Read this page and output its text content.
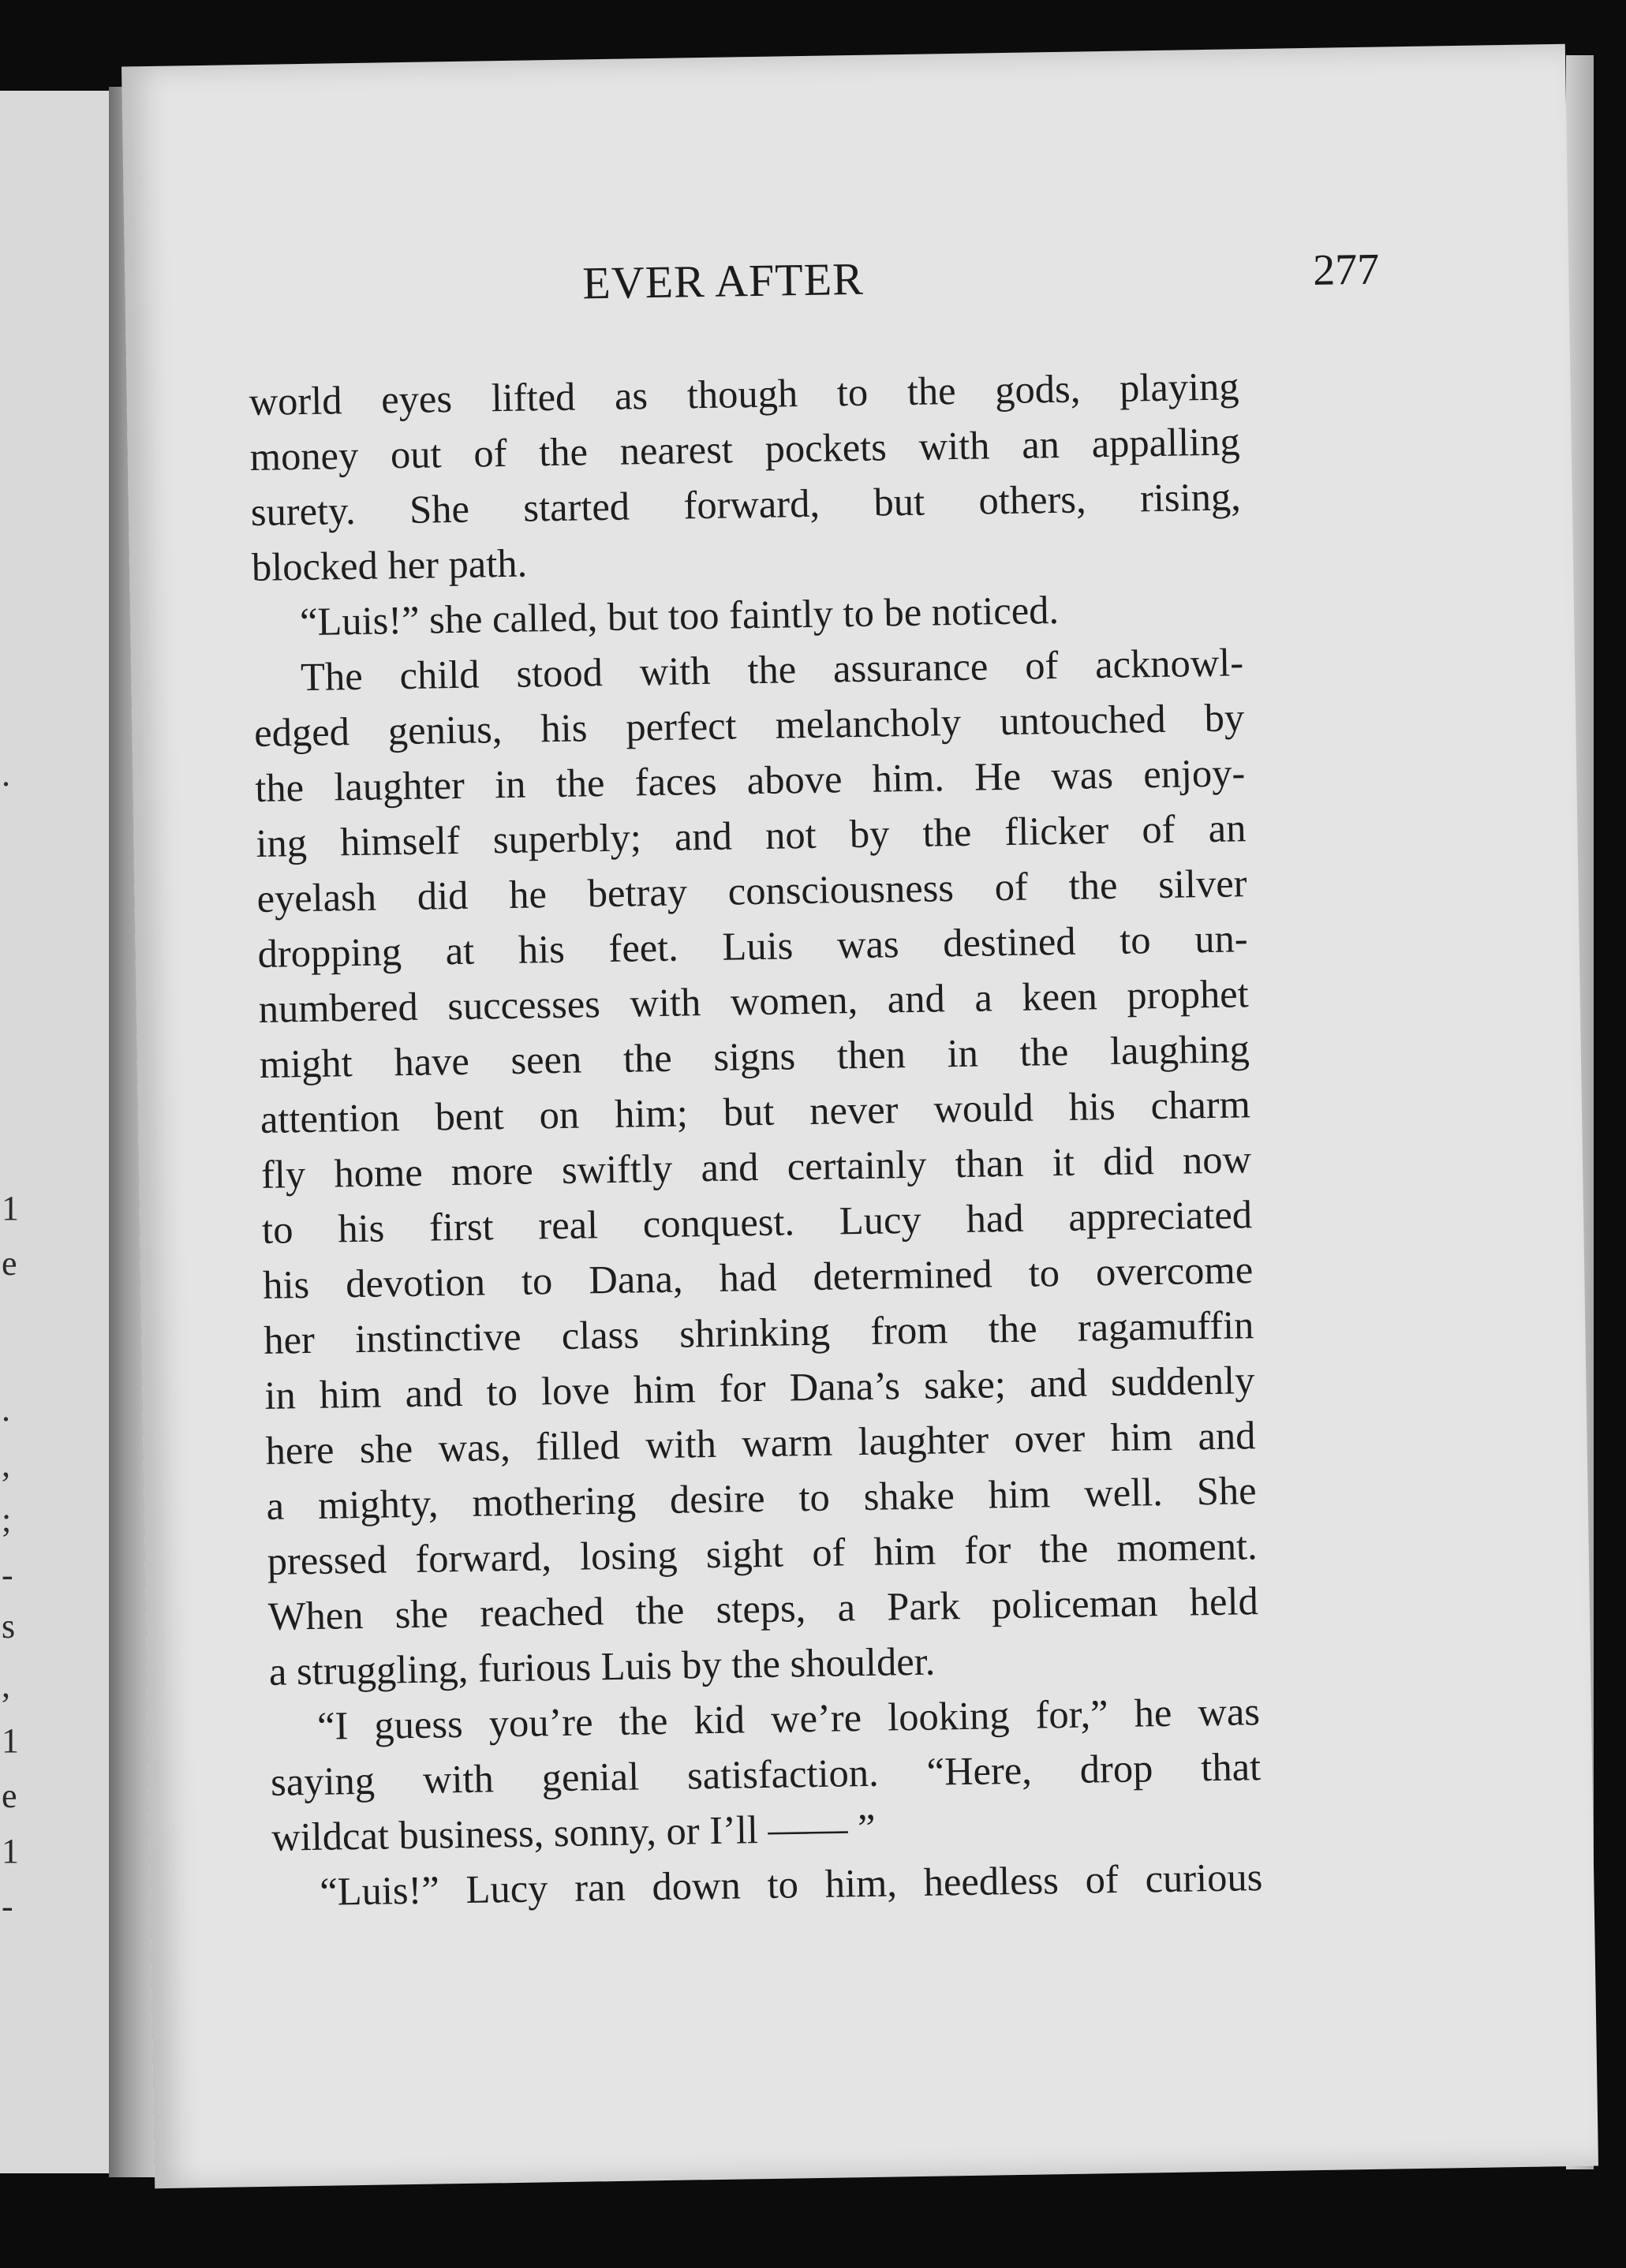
.
1
e
.
,
;
-
s
,
1
e
1
-
EVER AFTER	277
world eyes lifted as though to the gods, playing
money out of the nearest pockets with an appalling
surety. She started forward, but others, rising,
blocked her path.
“Luis!” she called, but too faintly to be noticed.
The child stood with the assurance of acknowl-
edged genius, his perfect melancholy untouched by
the laughter in the faces above him. He was enjoy-
ing himself superbly; and not by the flicker of an
eyelash did he betray consciousness of the silver
dropping at his feet. Luis was destined to un-
numbered successes with women, and a keen prophet
might have seen the signs then in the laughing
attention bent on him; but never would his charm
fly home more swiftly and certainly than it did now
to his first real conquest. Lucy had appreciated
his devotion to Dana, had determined to overcome
her instinctive class shrinking from the ragamuffin
in him and to love him for Dana’s sake; and suddenly
here she was, filled with warm laughter over him and
a mighty, mothering desire to shake him well. She
pressed forward, losing sight of him for the moment.
When she reached the steps, a Park policeman held
a struggling, furious Luis by the shoulder.
“I guess you’re the kid we’re looking for,” he was
saying with genial satisfaction. “Here, drop that
wildcat business, sonny, or I’ll —— ”
“Luis!” Lucy ran down to him, heedless of curious
